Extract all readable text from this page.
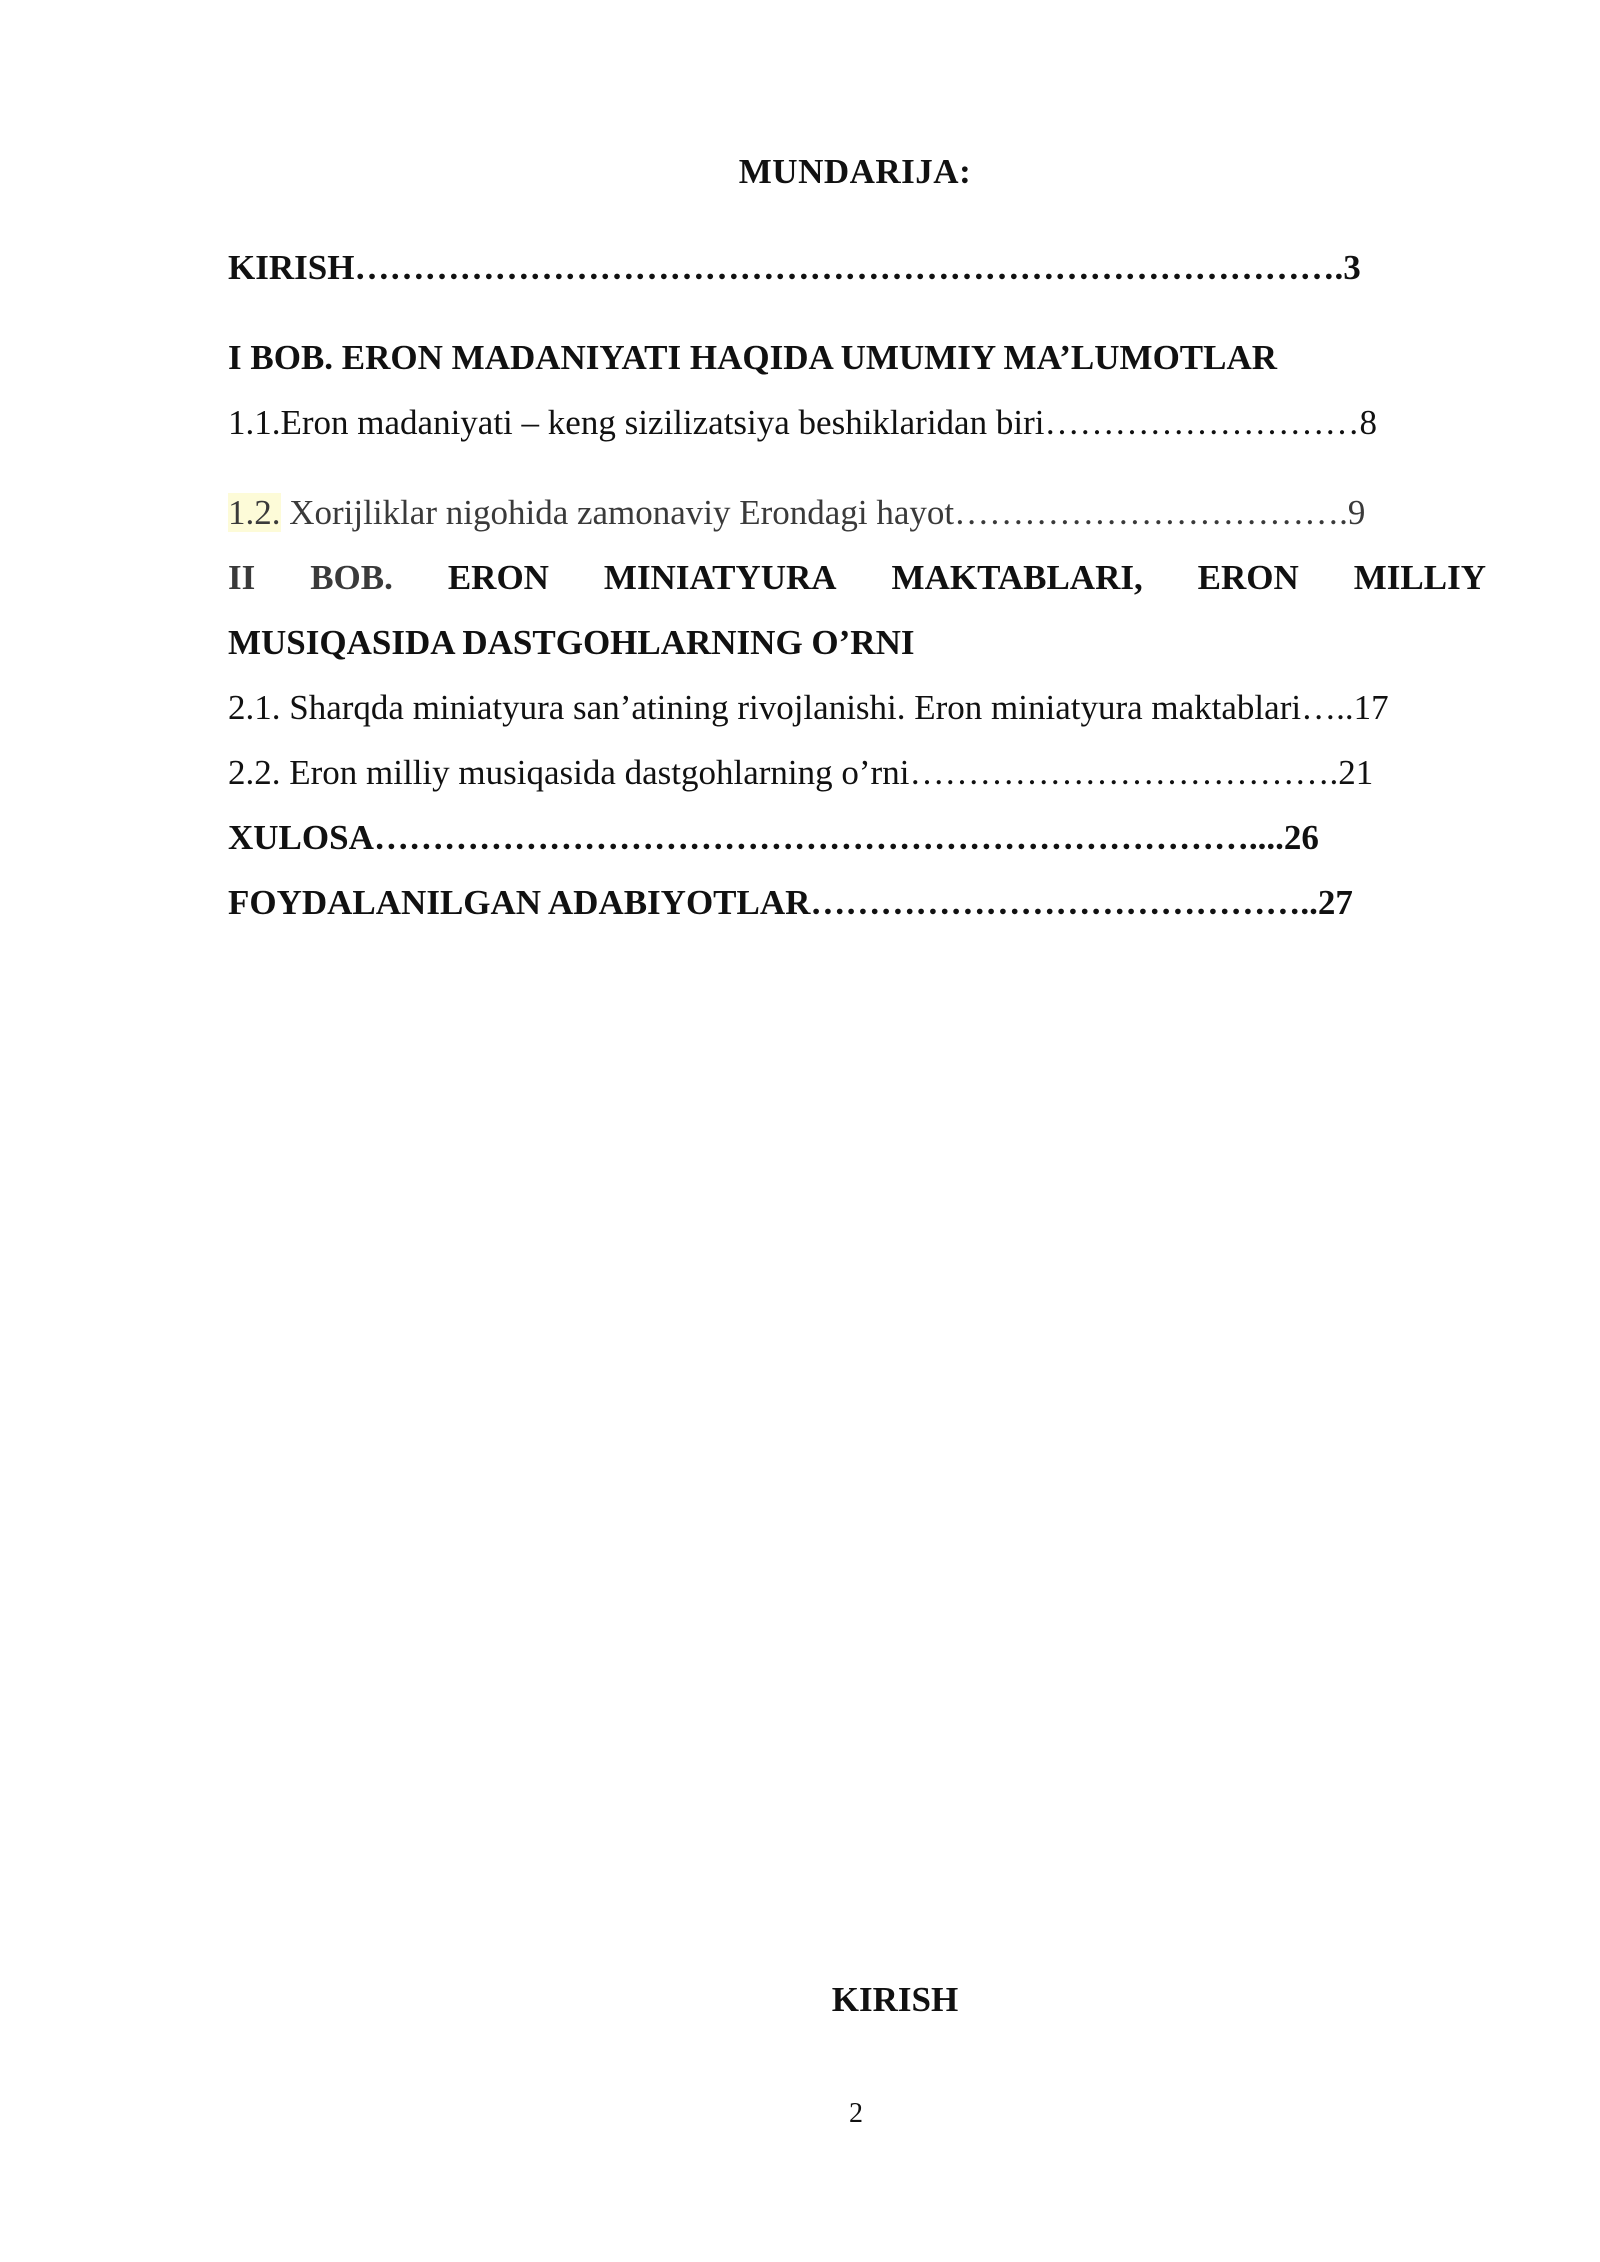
MUNDARIJA:
KIRISH………………………………………………………………………….3
I BOB. ERON MADANIYATI HAQIDA UMUMIY MA’LUMOTLAR
1.1.Eron madaniyati – keng sizilizatsiya beshiklaridan biri………………………8
1.2. Xorijliklar nigohida zamonaviy Erondagi hayot…………………………….9
II BOB. ERON MINIATYURA MAKTABLARI, ERON MILLIY
MUSIQASIDA DASTGOHLARNING O’RNI
2.1. Sharqda miniatyura san’atining rivojlanishi. Eron miniatyura maktablari…..17
2.2. Eron milliy musiqasida dastgohlarning o’rni……………………………….21
XULOSA…………………………………………………………………....26
FOYDALANILGAN ADABIYOTLAR……………………………………..27
KIRISH
2
